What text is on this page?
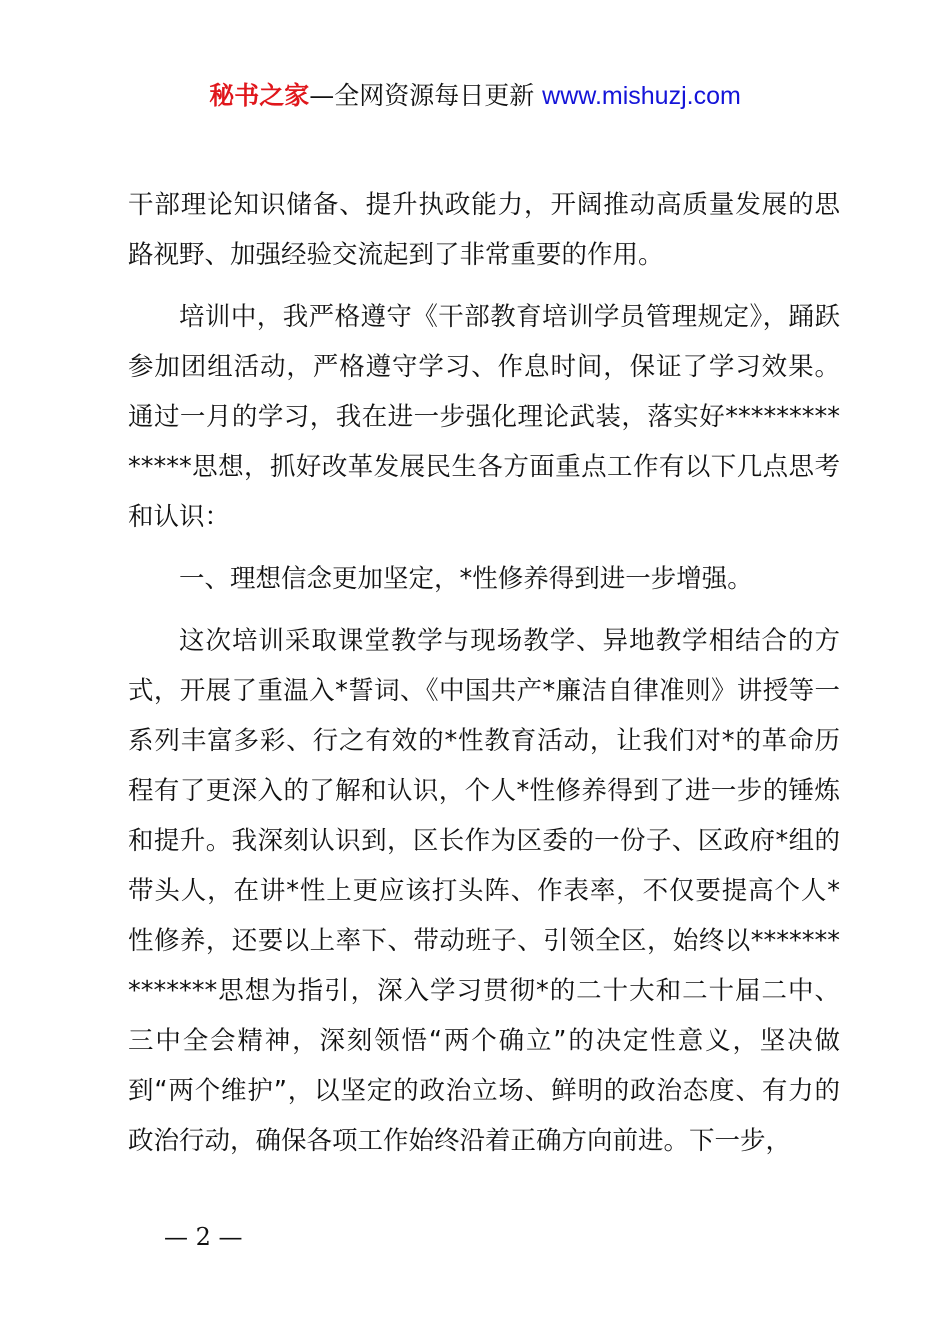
秘书之家—全网资源每日更新 www.mishuzj.com

干部理论知识储备、提升执政能力，开阔推动高质量发展的思路视野、加强经验交流起到了非常重要的作用。

培训中，我严格遵守《干部教育培训学员管理规定》，踊跃参加团组活动，严格遵守学习、作息时间，保证了学习效果。通过一月的学习，我在进一步强化理论武装，落实好**************思想，抓好改革发展民生各方面重点工作有以下几点思考和认识：

一、理想信念更加坚定，*性修养得到进一步增强。

这次培训采取课堂教学与现场教学、异地教学相结合的方式，开展了重温入*誓词、《中国共产*廉洁自律准则》讲授等一系列丰富多彩、行之有效的*性教育活动，让我们对*的革命历程有了更深入的了解和认识，个人*性修养得到了进一步的锤炼和提升。我深刻认识到，区长作为区委的一份子、区政府*组的带头人，在讲*性上更应该打头阵、作表率，不仅要提高个人*性修养，还要以上率下、带动班子、引领全区，始终以**************思想为指引，深入学习贯彻*的二十大和二十届二中、三中全会精神，深刻领悟“两个确立”的决定性意义，坚决做到“两个维护”，以坚定的政治立场、鲜明的政治态度、有力的政治行动，确保各项工作始终沿着正确方向前进。下一步，

— 2 —
